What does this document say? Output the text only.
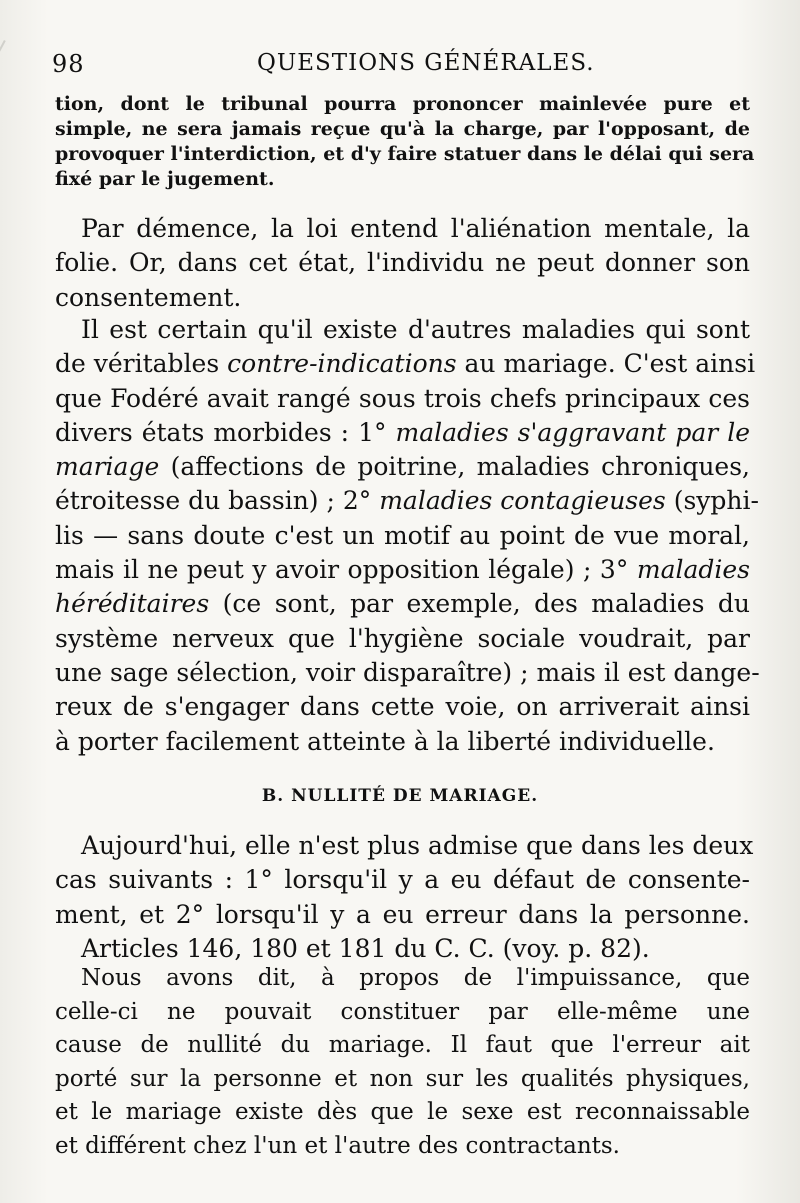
98	QUESTIONS GÉNÉRALES.
tion, dont le tribunal pourra prononcer mainlevée pure et
simple, ne sera jamais reçue qu'à la charge, par l'opposant, de
provoquer l'interdiction, et d'y faire statuer dans le délai qui sera
fixé par le jugement.
Par démence, la loi entend l'aliénation mentale, la
folie. Or, dans cet état, l'individu ne peut donner son
consentement.
Il est certain qu'il existe d'autres maladies qui sont
de véritables contre-indications au mariage. C'est ainsi
que Fodéré avait rangé sous trois chefs principaux ces
divers états morbides : 1° maladies s'aggravant par le
mariage (affections de poitrine, maladies chroniques,
étroitesse du bassin) ; 2° maladies contagieuses (syphi-
lis — sans doute c'est un motif au point de vue moral,
mais il ne peut y avoir opposition légale) ; 3° maladies
héréditaires (ce sont, par exemple, des maladies du
système nerveux que l'hygiène sociale voudrait, par
une sage sélection, voir disparaître) ; mais il est dange-
reux de s'engager dans cette voie, on arriverait ainsi
à porter facilement atteinte à la liberté individuelle.
B. NULLITÉ DE MARIAGE.
Aujourd'hui, elle n'est plus admise que dans les deux
cas suivants : 1° lorsqu'il y a eu défaut de consente-
ment, et 2° lorsqu'il y a eu erreur dans la personne.
Articles 146, 180 et 181 du C. C. (voy. p. 82).
Nous avons dit, à propos de l'impuissance, que
celle-ci ne pouvait constituer par elle-même une
cause de nullité du mariage. Il faut que l'erreur ait
porté sur la personne et non sur les qualités physiques,
et le mariage existe dès que le sexe est reconnaissable
et différent chez l'un et l'autre des contractants.
